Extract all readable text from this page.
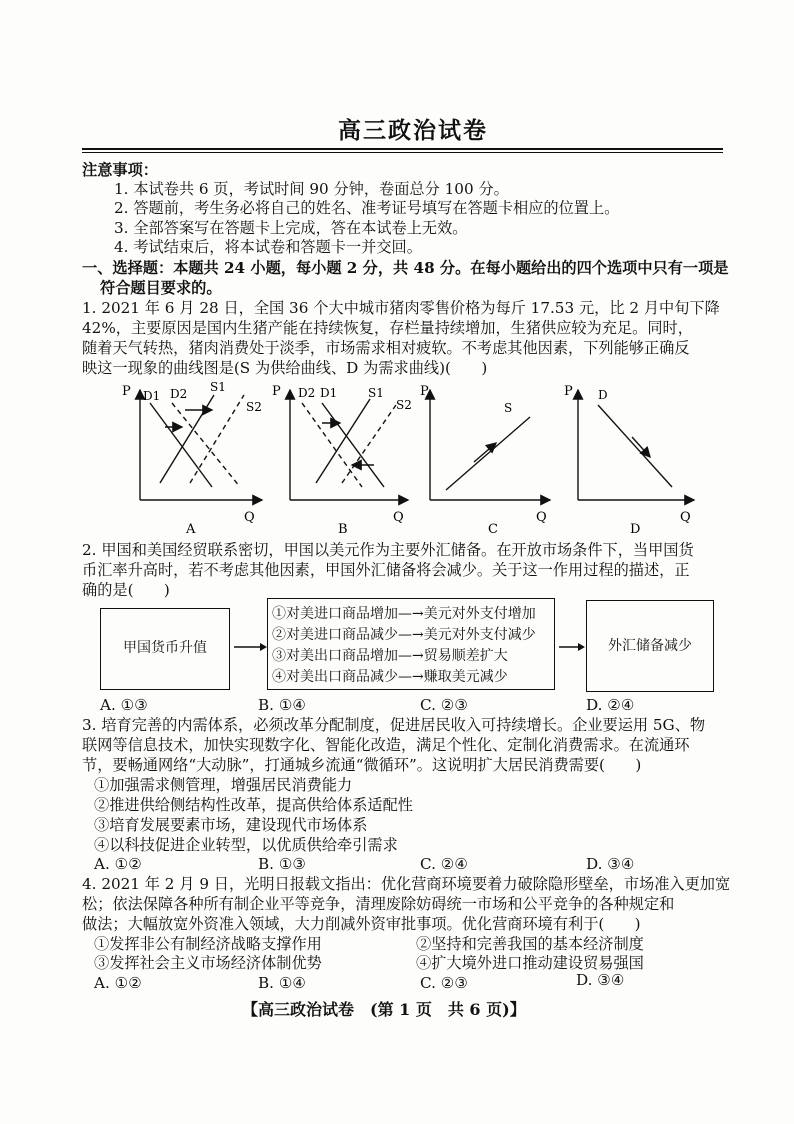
高三政治试卷
注意事项：
1. 本试卷共 6 页，考试时间 90 分钟，卷面总分 100 分。
2. 答题前，考生务必将自己的姓名、准考证号填写在答题卡相应的位置上。
3. 全部答案写在答题卡上完成，答在本试卷上无效。
4. 考试结束后，将本试卷和答题卡一并交回。
一、选择题：本题共 24 小题，每小题 2 分，共 48 分。在每小题给出的四个选项中只有一项是
符合题目要求的。
1. 2021 年 6 月 28 日，全国 36 个大中城市猪肉零售价格为每斤 17.53 元，比 2 月中旬下降
42%，主要原因是国内生猪产能在持续恢复，存栏量持续增加，生猪供应较为充足。同时，
随着天气转热，猪肉消费处于淡季，市场需求相对疲软。不考虑其他因素，下列能够正确反
映这一现象的曲线图是(S 为供给曲线、D 为需求曲线)(　　)
P
Q
D1 D2 S1
S2
A
P
Q
D2 D1	S1
S2
B
P
Q
S
C
P
Q
D
D
2. 甲国和美国经贸联系密切，甲国以美元作为主要外汇储备。在开放市场条件下，当甲国货
币汇率升高时，若不考虑其他因素，甲国外汇储备将会减少。关于这一作用过程的描述，正
确的是(　　)
甲国货币升值
①对美进口商品增加—→美元对外支付增加
②对美进口商品减少—→美元对外支付减少
③对美出口商品增加—→贸易顺差扩大
④对美出口商品减少—→赚取美元减少
外汇储备减少
A. ①③	B. ①④	C. ②③	D. ②④
3. 培育完善的内需体系，必须改革分配制度，促进居民收入可持续增长。企业要运用 5G、物
联网等信息技术，加快实现数字化、智能化改造，满足个性化、定制化消费需求。在流通环
节，要畅通网络“大动脉”，打通城乡流通“微循环”。这说明扩大居民消费需要(　　)
①加强需求侧管理，增强居民消费能力
②推进供给侧结构性改革，提高供给体系适配性
③培育发展要素市场，建设现代市场体系
④以科技促进企业转型，以优质供给牵引需求
A. ①②	B. ①③	C. ②④	D. ③④
4. 2021 年 2 月 9 日，光明日报载文指出：优化营商环境要着力破除隐形壁垒，市场准入更加宽
松；依法保障各种所有制企业平等竞争，清理废除妨碍统一市场和公平竞争的各种规定和
做法；大幅放宽外资准入领域，大力削减外资审批事项。优化营商环境有利于(　　)
①发挥非公有制经济战略支撑作用	②坚持和完善我国的基本经济制度
③发挥社会主义市场经济体制优势	④扩大境外进口推动建设贸易强国
A. ①②	B. ①④	C. ②③	D. ③④
【高三政治试卷　(第 1 页　共 6 页)】
